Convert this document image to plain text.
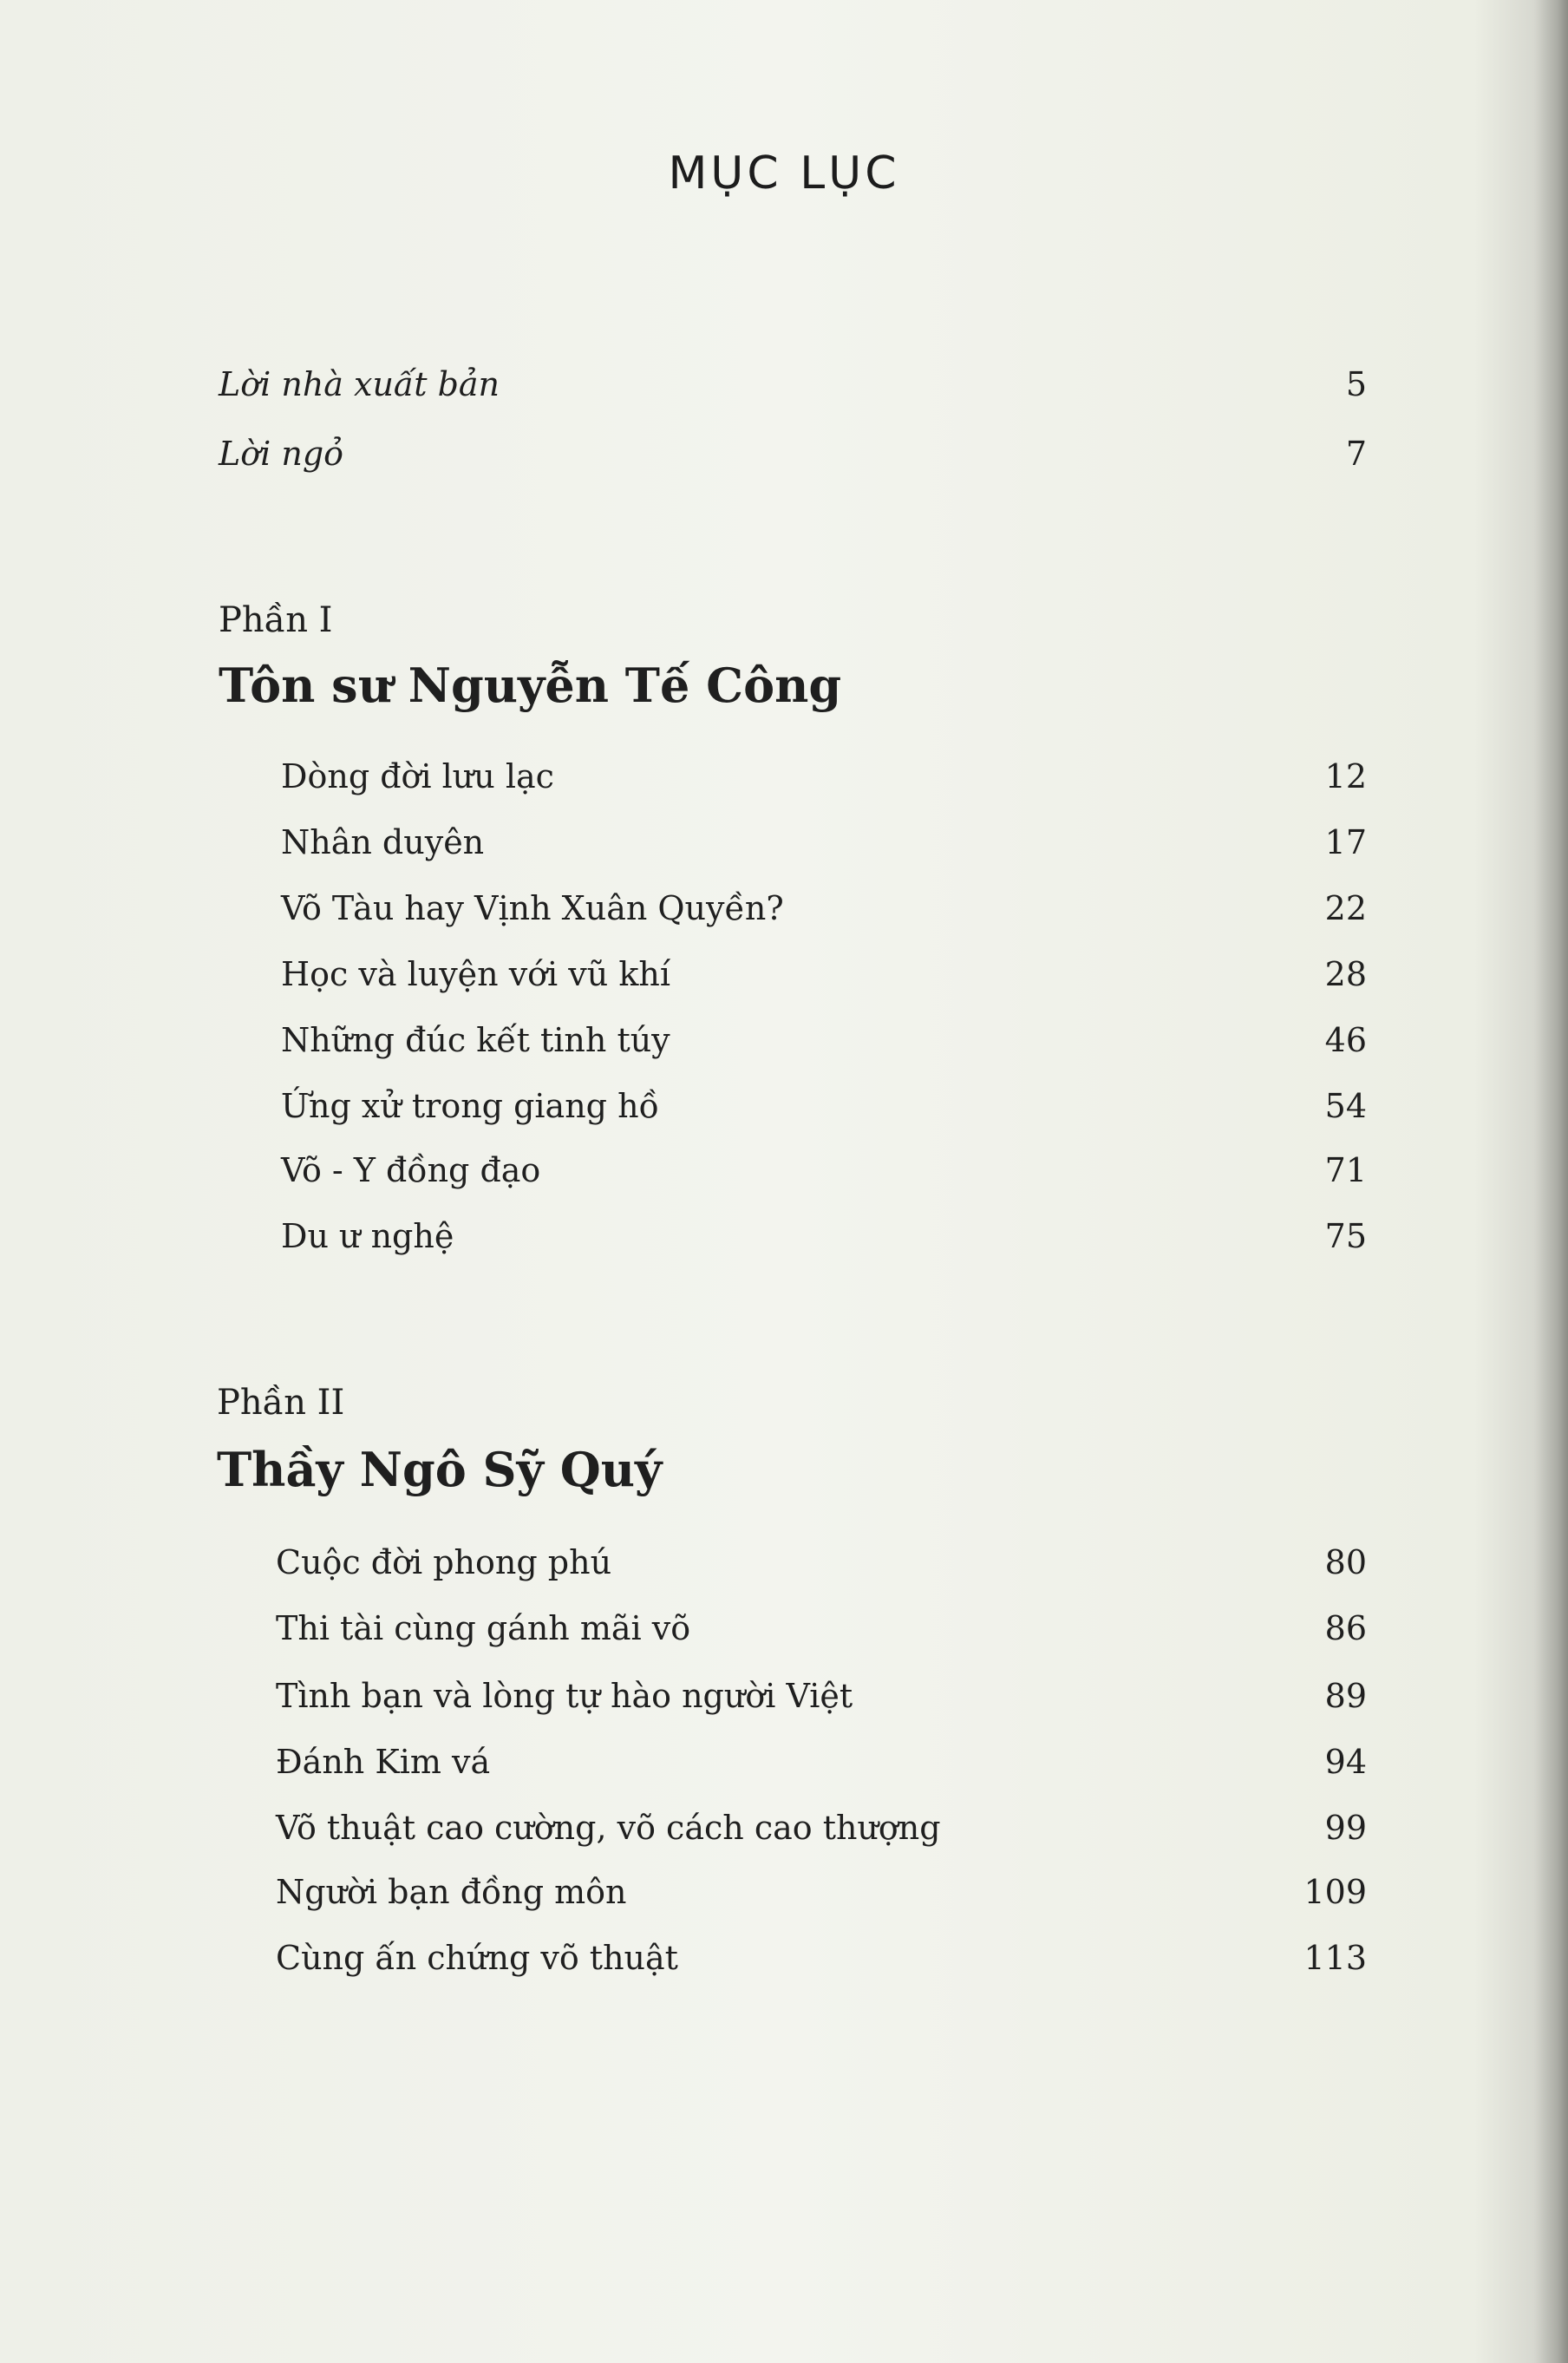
MỤC LỤC
Lời nhà xuất bản	5
Lời ngỏ	7
Phần I
Tôn sư Nguyễn Tế Công
Dòng đời lưu lạc	12
Nhân duyên	17
Võ Tàu hay Vịnh Xuân Quyền?	22
Học và luyện với vũ khí	28
Những đúc kết tinh túy	46
Ứng xử trong giang hồ	54
Võ - Y đồng đạo	71
Du ư nghệ	75
Phần II
Thầy Ngô Sỹ Quý
Cuộc đời phong phú	80
Thi tài cùng gánh mãi võ	86
Tình bạn và lòng tự hào người Việt	89
Đánh Kim vá	94
Võ thuật cao cường, võ cách cao thượng	99
Người bạn đồng môn	109
Cùng ấn chứng võ thuật	113
